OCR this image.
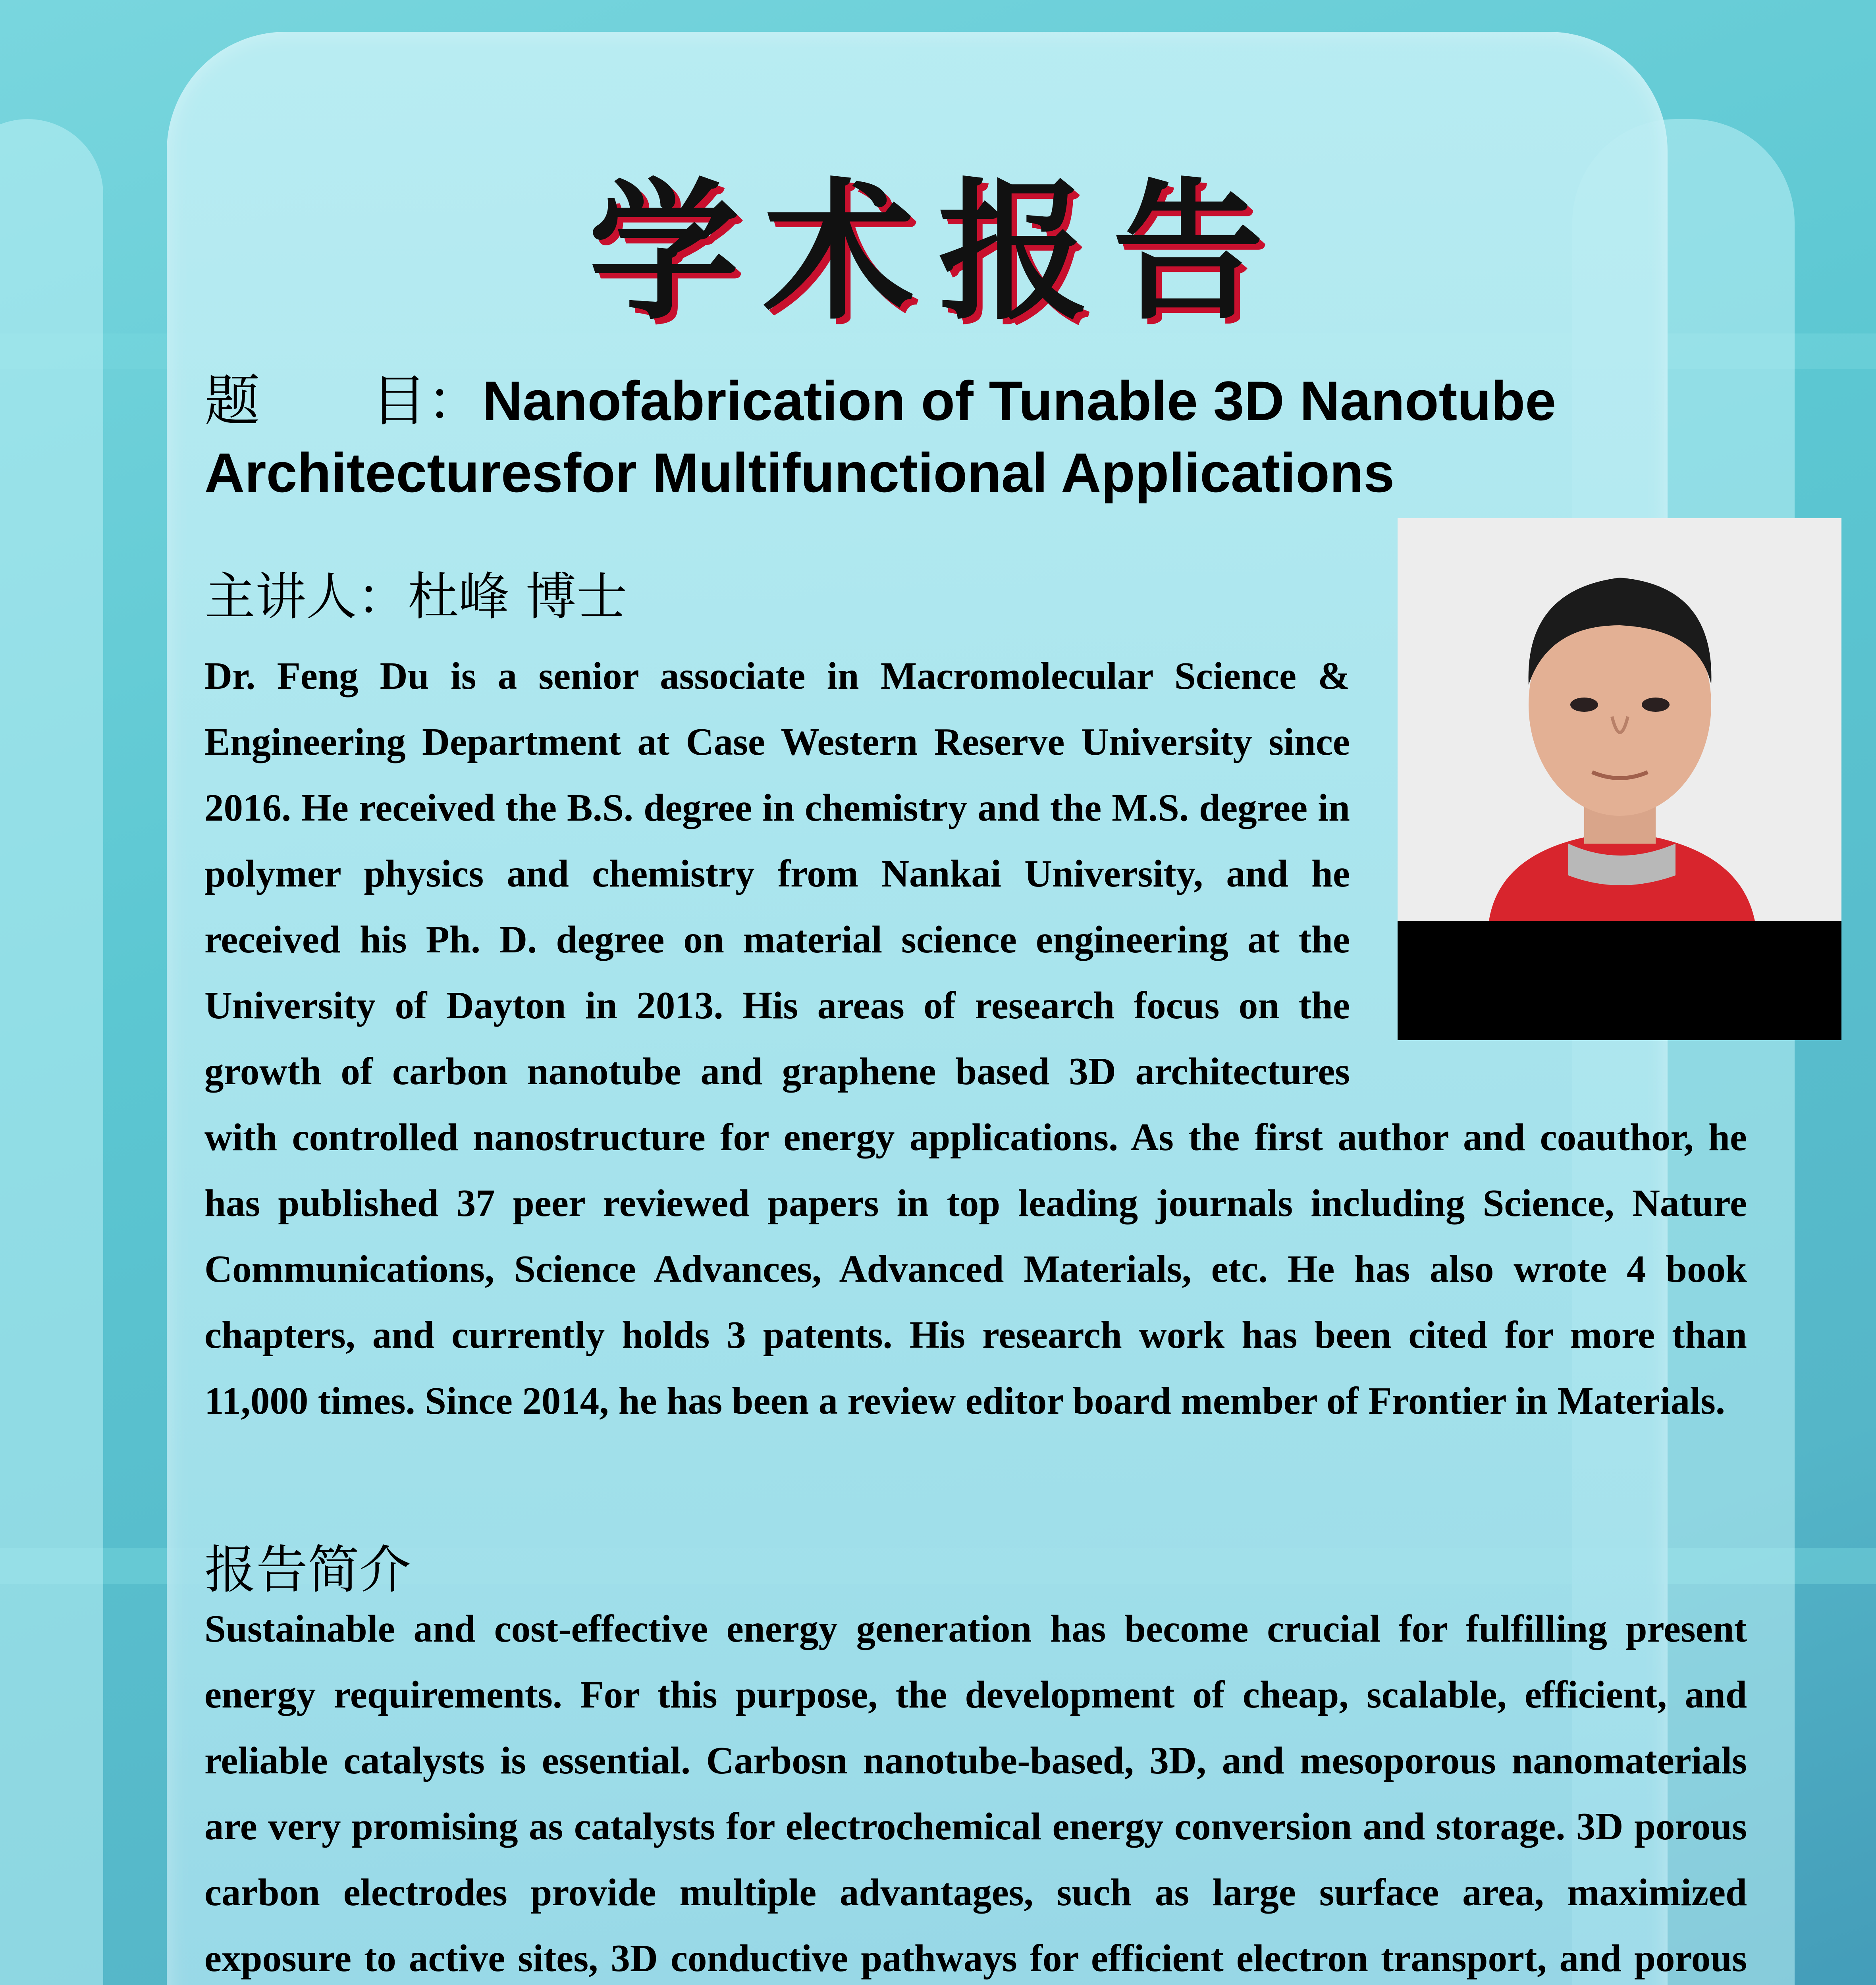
学术报告
题　　目：Nanofabrication of Tunable 3D Nanotube
Architecturesfor Multifunctional Applications
主讲人：杜峰 博士
Dr. Feng Du is a senior associate in Macromolecular Science & Engineering Department at Case Western Reserve University since 2016. He received the B.S. degree in chemistry and the M.S. degree in polymer physics and chemistry from Nankai University, and he received his Ph. D. degree on material science engineering at the University of Dayton in 2013. His areas of research focus on the growth of carbon nanotube and graphene based 3D architectures with controlled nanostructure for energy applications. As the first author and coauthor, he has published 37 peer reviewed papers in top leading journals including Science, Nature Communications, Science Advances, Advanced Materials, etc. He has also wrote 4 book chapters, and currently holds 3 patents. His research work has been cited for more than 11,000 times. Since 2014, he has been a review editor board member of Frontier in Materials.
报告简介
Sustainable and cost-effective energy generation has become crucial for fulfilling present energy requirements. For this purpose, the development of cheap, scalable, efficient, and reliable catalysts is essential. Carbosn nanotube-based, 3D, and mesoporous nanomaterials are very promising as catalysts for electrochemical energy conversion and storage. 3D porous carbon electrodes provide multiple advantages, such as large surface area, maximized exposure to active sites, 3D conductive pathways for efficient electron transport, and porous
